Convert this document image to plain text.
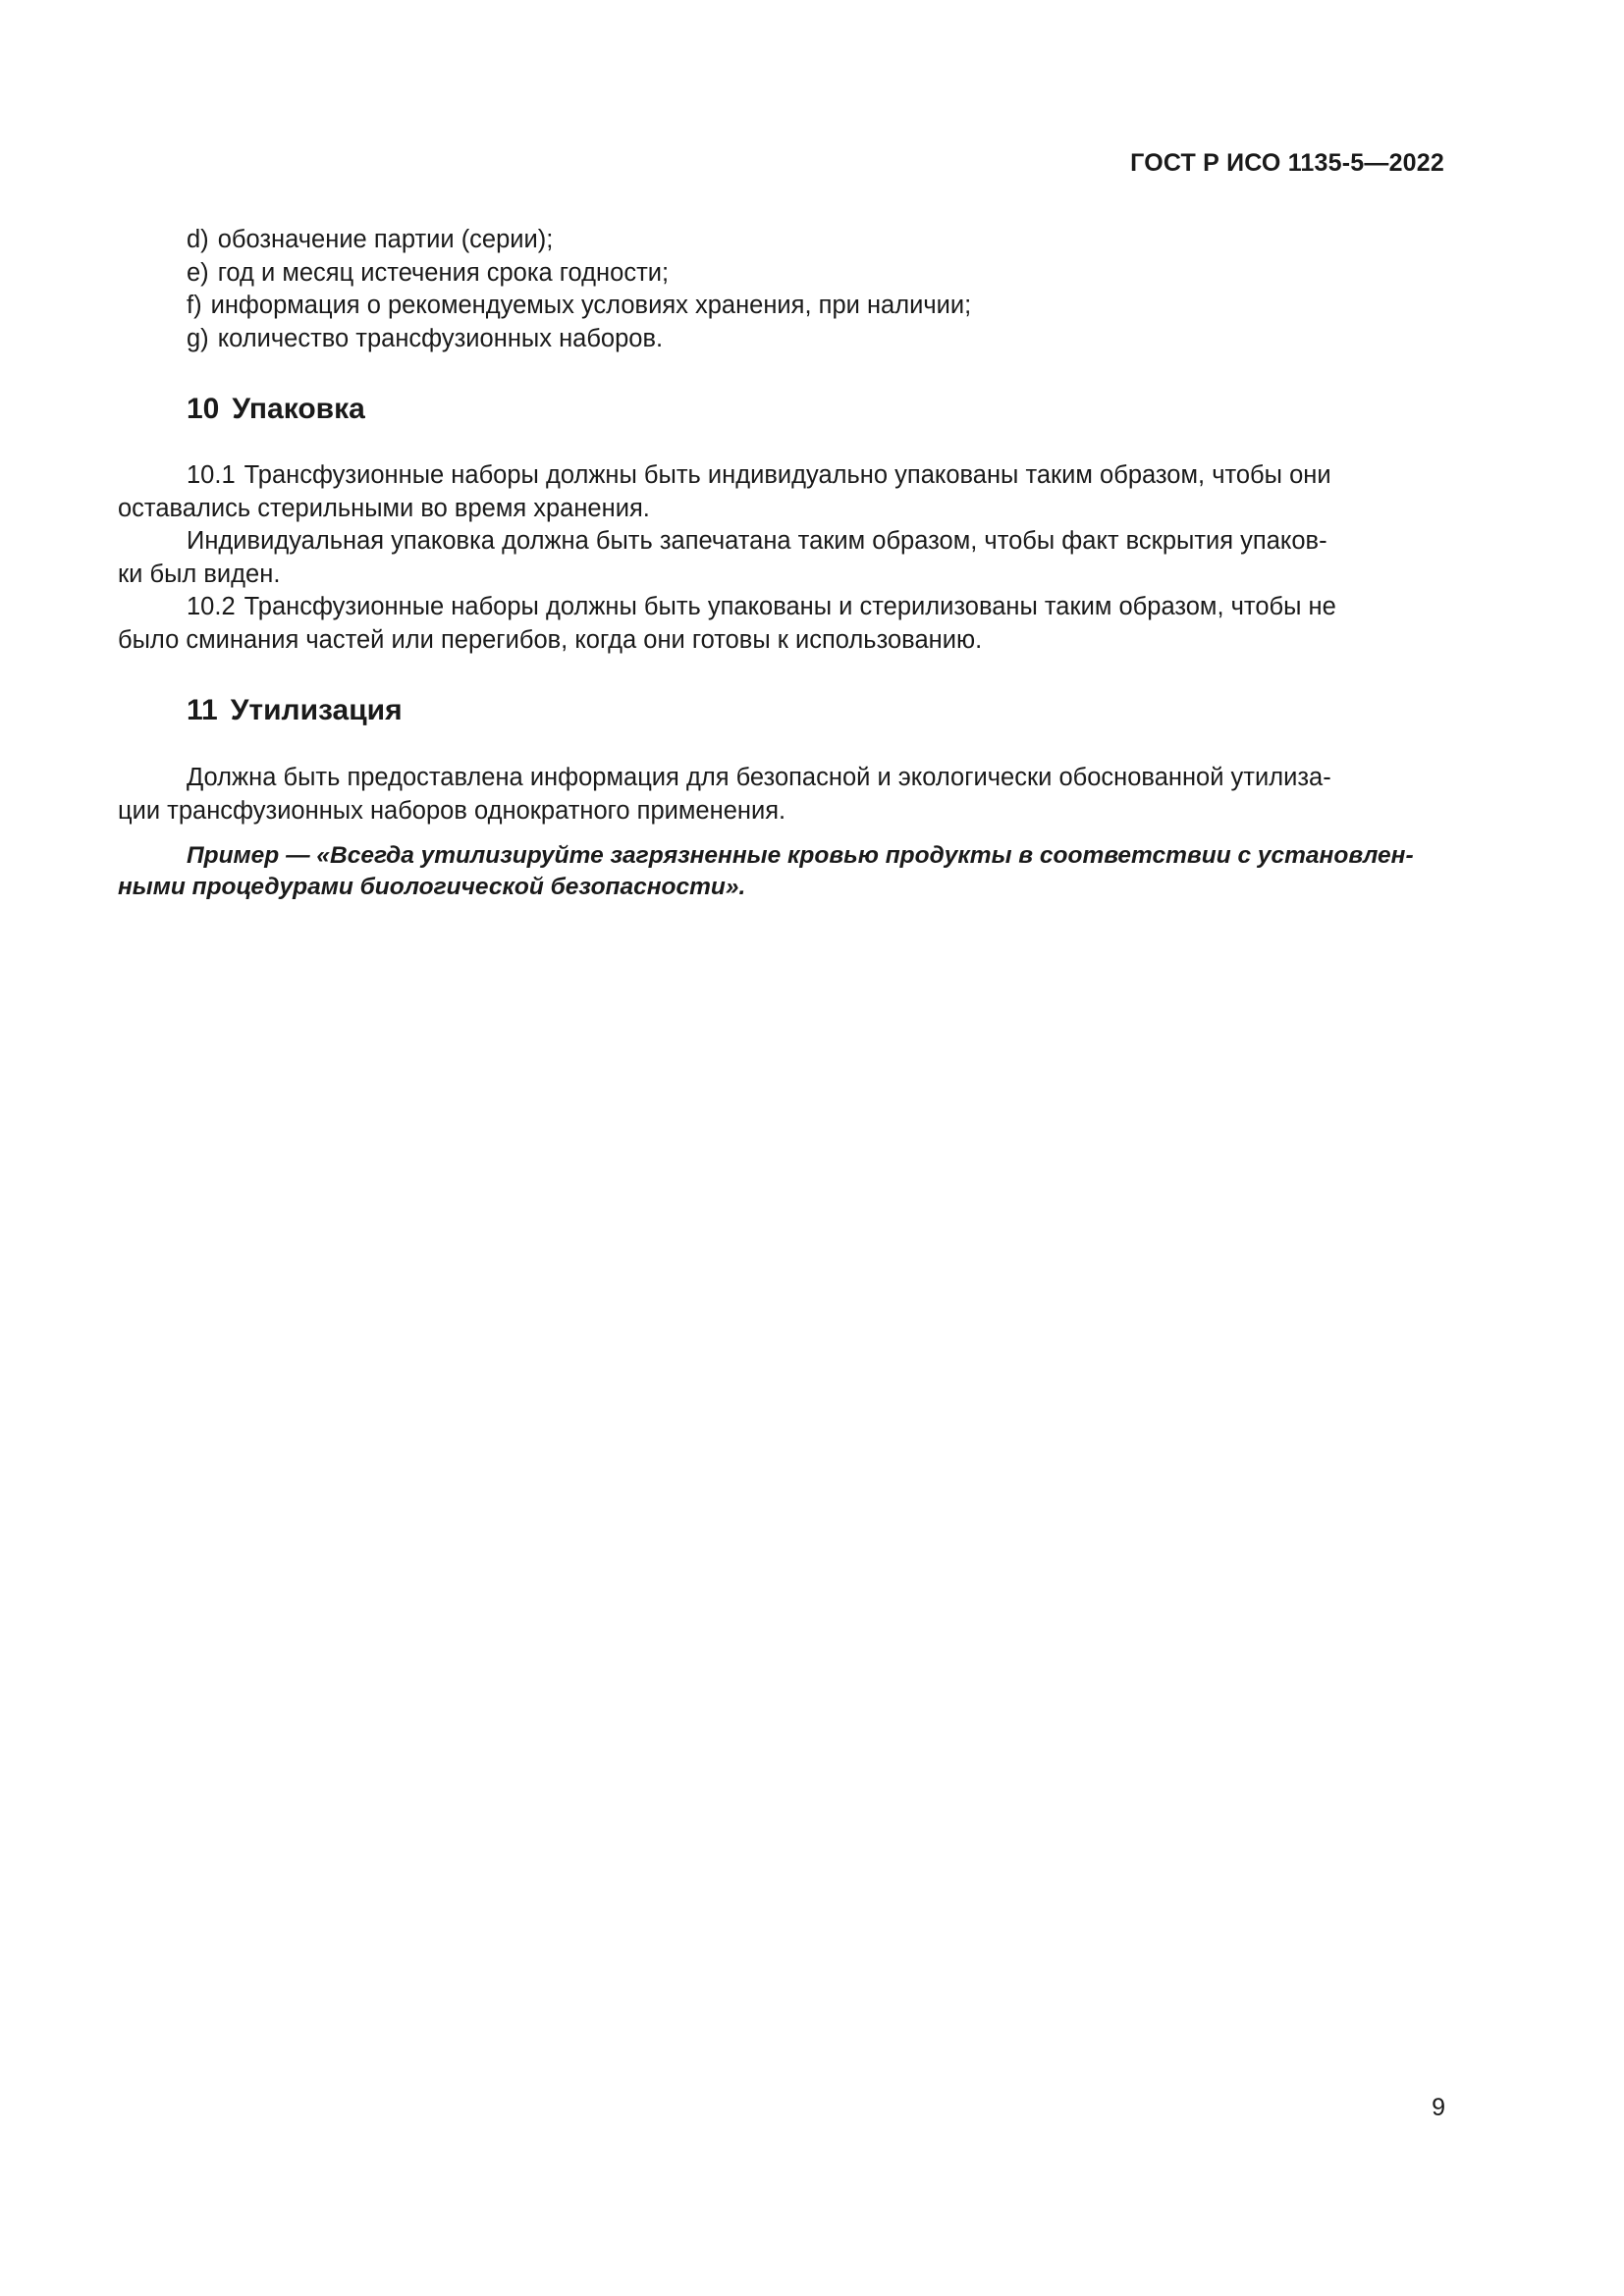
ГОСТ Р ИСО 1135-5—2022

d) обозначение партии (серии);

e) год и месяц истечения срока годности;

f) информация о рекомендуемых условиях хранения, при наличии;

g) количество трансфузионных наборов.

10 Упаковка

10.1 Трансфузионные наборы должны быть индивидуально упакованы таким образом, чтобы они
оставались стерильными во время хранения.

Индивидуальная упаковка должна быть запечатана таким образом, чтобы факт вскрытия упаков-
ки был виден.

10.2 Трансфузионные наборы должны быть упакованы и стерилизованы таким образом, чтобы не
было сминания частей или перегибов, когда они готовы к использованию.

11 Утилизация

Должна быть предоставлена информация для безопасной и экологически обоснованной утилиза-
ции трансфузионных наборов однократного применения.

Пример — «Всегда утилизируйте загрязненные кровью продукты в соответствии с установлен-
ными процедурами биологической безопасности».

9
